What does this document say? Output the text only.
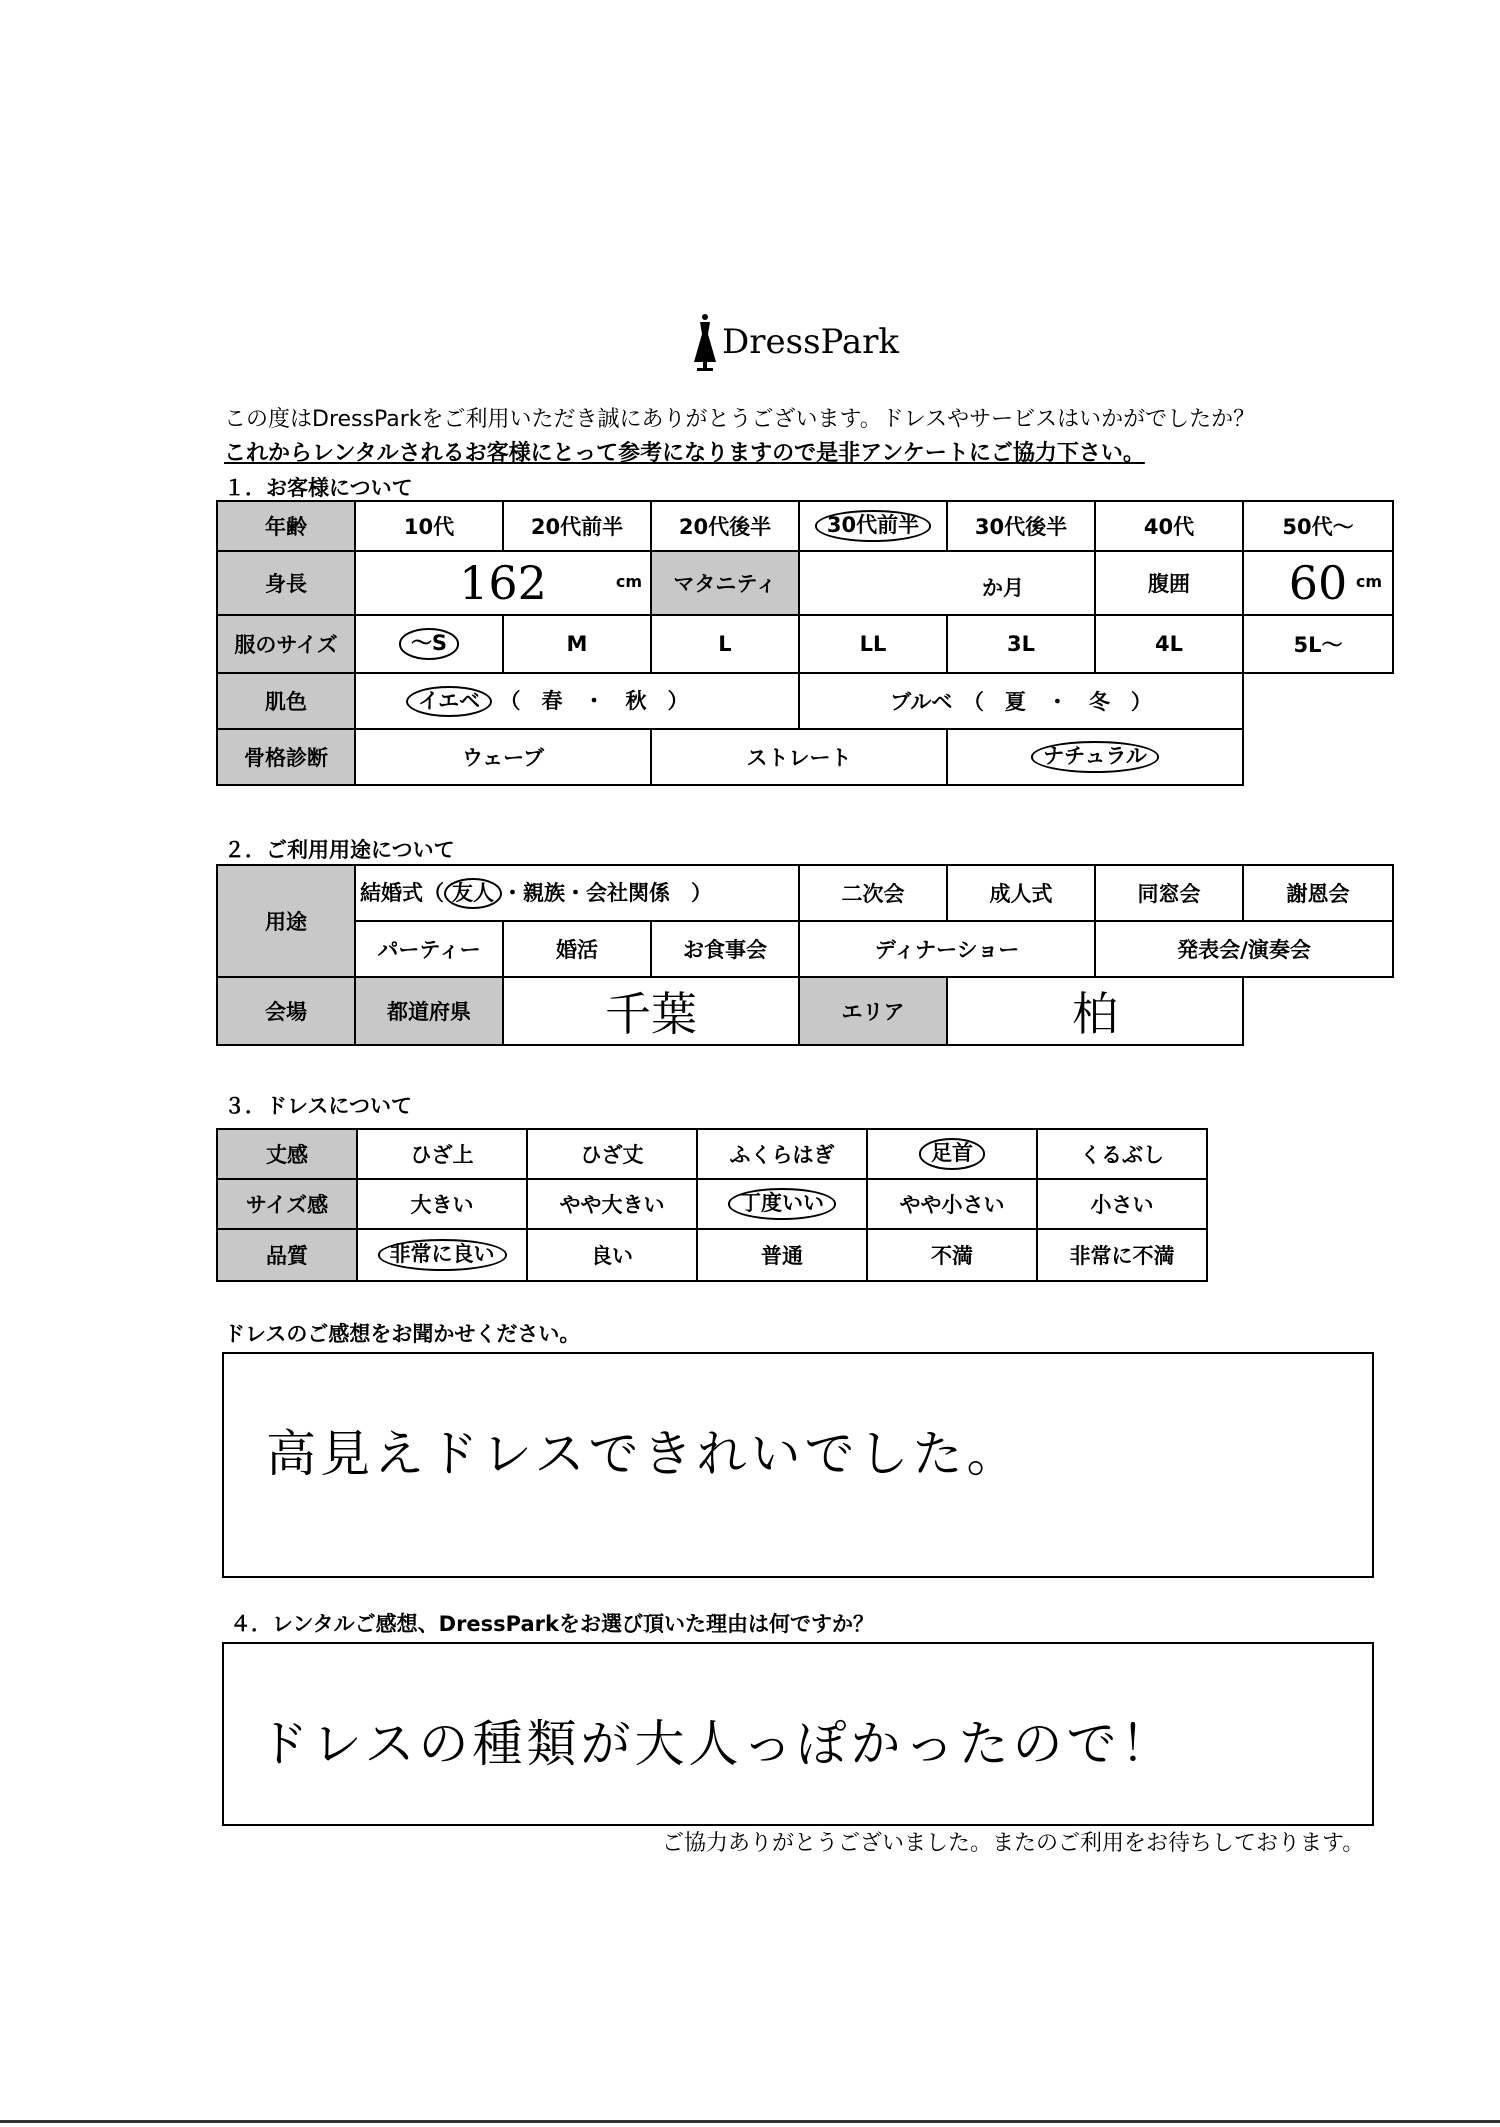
DressPark
この度はDressParkをご利用いただき誠にありがとうございます。ドレスやサービスはいかがでしたか？
これからレンタルされるお客様にとって参考になりますので是非アンケートにご協力下さい。
１．お客様について
年齢	10代	20代前半	20代後半	30代前半	30代後半	40代	50代～
身長	162 cm		マタニティ	か月		腹囲	60 cm

服のサイズ	～S	M	L	LL	3L	4L	5L～
肌色	イエベ （　春　・　秋　）			ブルベ　（　夏　・　冬　）			
骨格診断	ウェーブ		ストレート		ナチュラル		
２．ご利用用途について
用途	結婚式（ 友人 ・親族・会社関係　）			二次会	成人式	同窓会	謝恩会
	パーティー	婚活	お食事会	ディナーショー		発表会/演奏会	
会場	都道府県	千葉		エリア	柏		
３．ドレスについて
丈感	ひざ上	ひざ丈	ふくらはぎ	足首	くるぶし
サイズ感	大きい	やや大きい	丁度いい	やや小さい	小さい
品質	非常に良い	良い	普通	不満	非常に不満
ドレスのご感想をお聞かせください。
高見えドレスできれいでした。
４．レンタルご感想、DressParkをお選び頂いた理由は何ですか？
ドレスの種類が大人っぽかったので！
ご協力ありがとうございました。またのご利用をお待ちしております。
